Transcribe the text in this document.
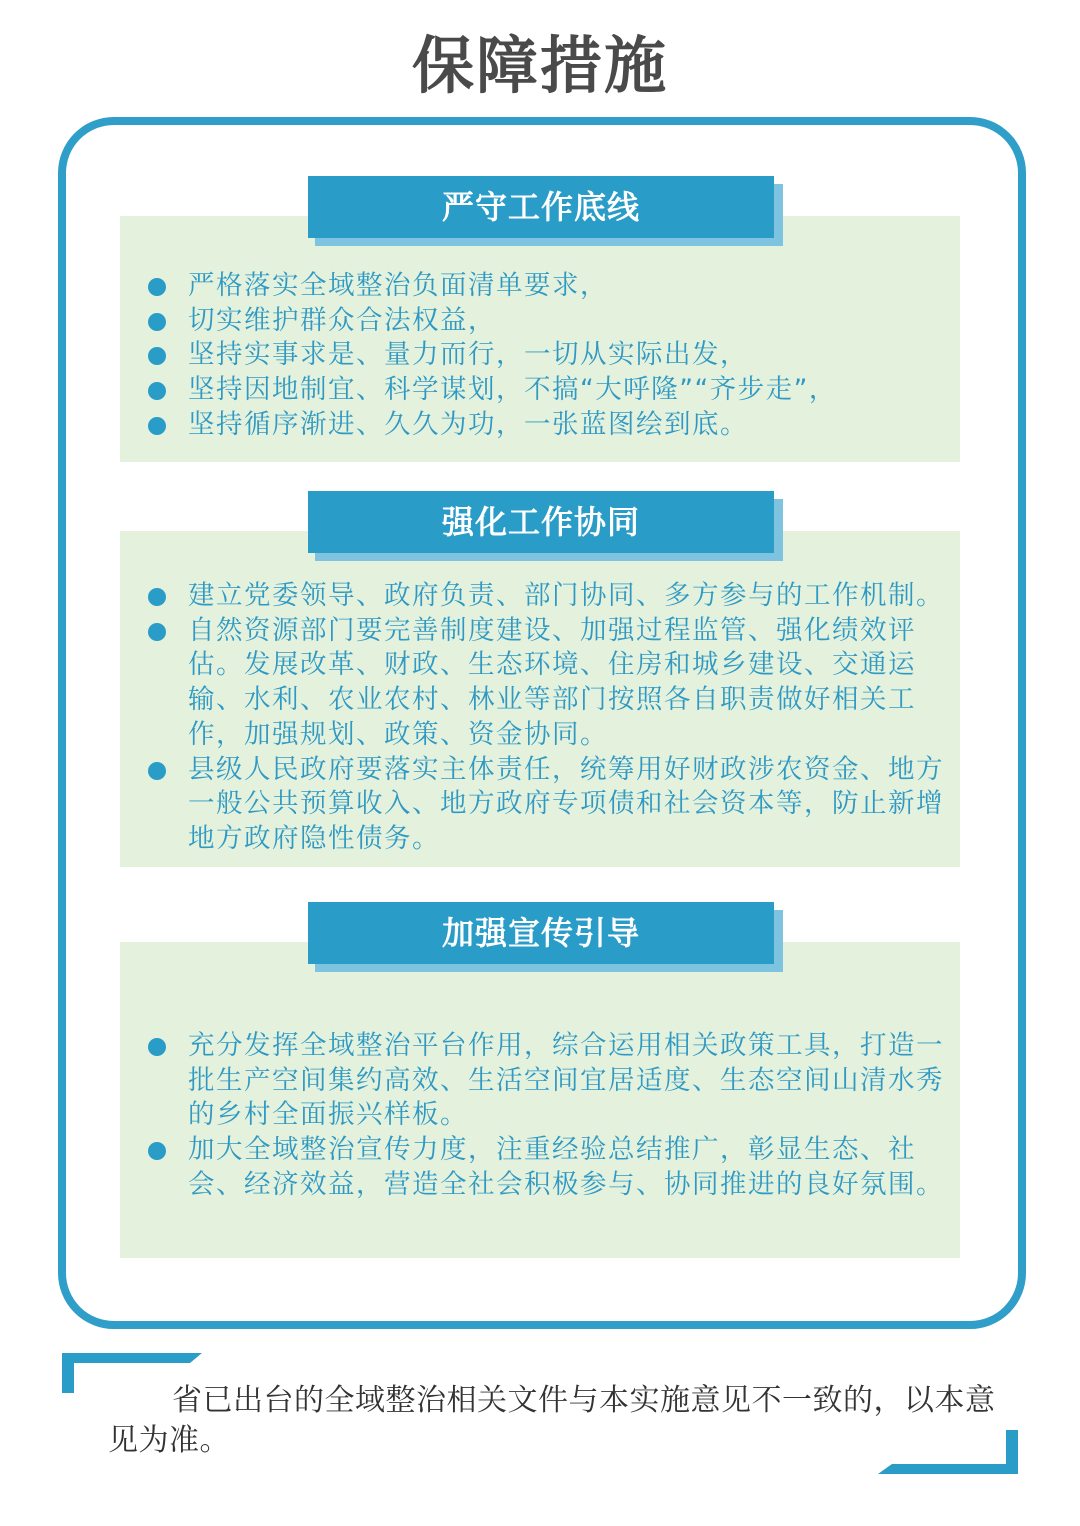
保障措施
严守工作底线
严格落实全域整治负面清单要求，
切实维护群众合法权益，
坚持实事求是、量力而行，一切从实际出发，
坚持因地制宜、科学谋划，不搞“大呼隆”“齐步走”，
坚持循序渐进、久久为功，一张蓝图绘到底。
强化工作协同
建立党委领导、政府负责、部门协同、多方参与的工作机制。
自然资源部门要完善制度建设、加强过程监管、强化绩效评估。发展改革、财政、生态环境、住房和城乡建设、交通运输、水利、农业农村、林业等部门按照各自职责做好相关工作，加强规划、政策、资金协同。
县级人民政府要落实主体责任，统筹用好财政涉农资金、地方一般公共预算收入、地方政府专项债和社会资本等，防止新增地方政府隐性债务。
加强宣传引导
充分发挥全域整治平台作用，综合运用相关政策工具，打造一批生产空间集约高效、生活空间宜居适度、生态空间山清水秀的乡村全面振兴样板。
加大全域整治宣传力度，注重经验总结推广，彰显生态、社会、经济效益，营造全社会积极参与、协同推进的良好氛围。
省已出台的全域整治相关文件与本实施意见不一致的，以本意见为准。
